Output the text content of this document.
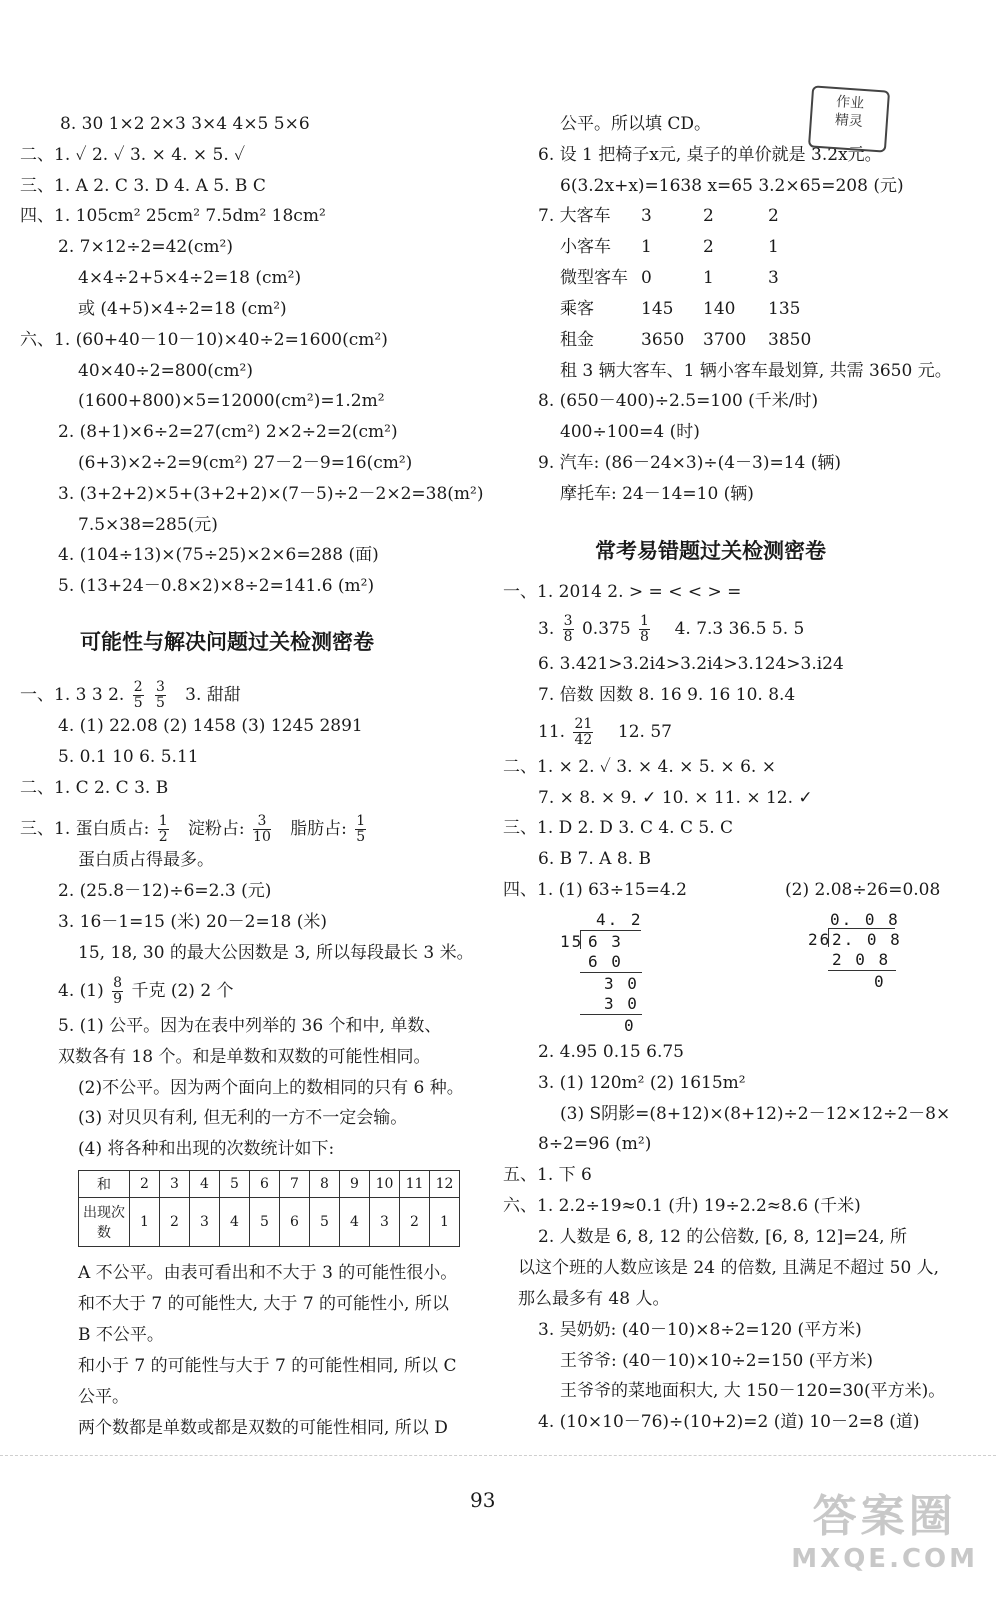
8. 30 1×2 2×3 3×4 4×5 5×6
二、1. ✓ 2. ✓ 3. × 4. × 5. ✓
三、1. A 2. C 3. D 4. A 5. B C
四、1. 105cm² 25cm² 7.5dm² 18cm²
2. 7×12÷2=42(cm²)
4×4÷2+5×4÷2=18 (cm²)
或 (4+5)×4÷2=18 (cm²)
六、1. (60+40－10－10)×40÷2=1600(cm²)
40×40÷2=800(cm²)
(1600+800)×5=12000(cm²)=1.2m²
2. (8+1)×6÷2=27(cm²) 2×2÷2=2(cm²)
(6+3)×2÷2=9(cm²) 27－2－9=16(cm²)
3. (3+2+2)×5+(3+2+2)×(7－5)÷2－2×2=38(m²)
7.5×38=285(元)
4. (104÷13)×(75÷25)×2×6=288 (面)
5. (13+24－0.8×2)×8÷2=141.6 (m²)
可能性与解决问题过关检测密卷
一、1. 3 3 2. $\frac{2}{5}$
$\frac{3}{5} 3$. 甜甜
4. (1) 22.08 (2) 1458 (3) 1245 2891
5. 0.1 10 6. 5.11
二、1. C 2. C 3. B
三、1. 蛋白质占: $\frac{1}{2}$ 淀粉占: $\frac{3}{10}$ 脂肪占: $\frac{1}{5}$
蛋白质占得最多。
2. (25.8－12)÷6=2.3 (元)
3. 16－1=15 (米) 20－2=18 (米)
15, 18, 30 的最大公因数是 3, 所以每段最长 3 米。
4. $(1) \frac{8}{9}$ 千克 (2) 2 个
5. (1) 公平。因为在表中列举的 36 个和中, 单数、
双数各有 18 个。和是单数和双数的可能性相同。
(2)不公平。因为两个面向上的数相同的只有 6 种。
(3) 对贝贝有利, 但无利的一方不一定会输。
(4) 将各种和出现的次数统计如下:
和	2	3	4	5	6	7	8	9	10	11	12
出现次数	1	2	3	4	5	6	5	4	3	2	1
A 不公平。由表可看出和不大于 3 的可能性很小。
和不大于 7 的可能性大, 大于 7 的可能性小, 所以
B 不公平。
和小于 7 的可能性与大于 7 的可能性相同, 所以 C
公平。
两个数都是单数或都是双数的可能性相同, 所以 D
公平。所以填 CD。
6. 设 1 把椅子x元, 桌子的单价就是 3.2x元。
6(3.2x+x)=1638 x=65 3.2×65=208 (元)
7. 大客车 3	2	2
小客车 1	2	1
微型客车 0	1	3
乘客	145 140 135
租金	3650 3700 3850
租 3 辆大客车、1 辆小客车最划算, 共需 3650 元。
8. (650－400)÷2.5=100 (千米/时)
400÷100=4 (时)
9. 汽车: (86－24×3)÷(4－3)=14 (辆)
摩托车: 24－14=10 (辆)
常考易错题过关检测密卷
一、1. 2014 2. > = < < > =
3. $\frac{3}{8} 0.375 \frac{1}{8} 4$. 7.3 36.5 5. 5
6. 3.421>3.2i4>3.2i4>3.124>3.i24
7. 倍数 因数 8. 16 9. 16 10. 8.4
11. $\frac{21}{42} 12$. 57
二、1. × 2. ✓ 3. × 4. × 5. × 6. ×
7. × 8. × 9. ✓ 10. × 11. × 12. ✓
三、1. D 2. D 3. C 4. C 5. C
6. B 7. A 8. B
四、1. (1) 63÷15=4.2	(2) 2.08÷26=0.08
4. 2
15 6 3
6 0
3 0
3 0
0
0. 0 8
26 2. 0 8
2 0 8
0
2. 4.95 0.15 6.75
3. (1) 120m² (2) 1615m²
(3) S阴影=(8+12)×(8+12)÷2－12×12÷2－8×
8÷2=96 (m²)
五、1. 下 6
六、1. 2.2÷19≈0.1 (升) 19÷2.2≈8.6 (千米)
2. 人数是 6, 8, 12 的公倍数, [6, 8, 12]=24, 所
以这个班的人数应该是 24 的倍数, 且满足不超过 50 人,
那么最多有 48 人。
3. 吴奶奶: (40－10)×8÷2=120 (平方米)
王爷爷: (40－10)×10÷2=150 (平方米)
王爷爷的菜地面积大, 大 150－120=30(平方米)。
4. (10×10－76)÷(10+2)=2 (道) 10－2=8 (道)
作业
精灵
93	答案圈
MXQE.COM
